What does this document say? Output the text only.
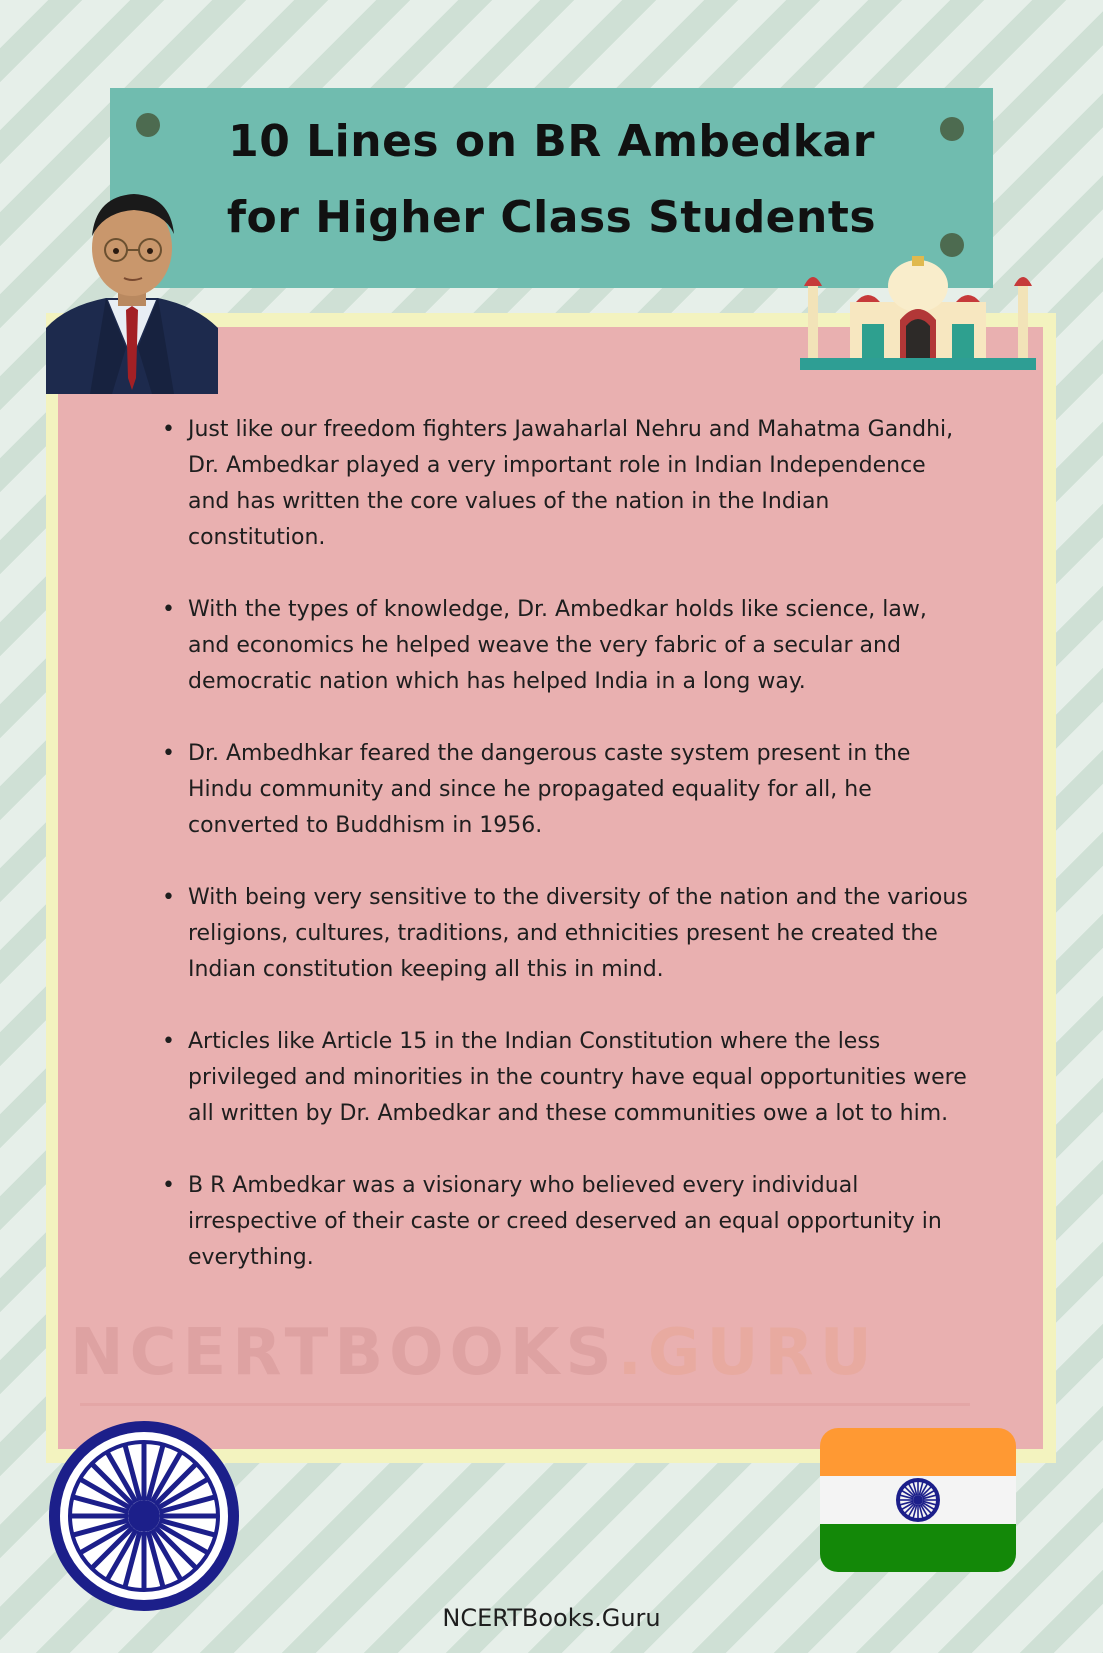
10 Lines on BR Ambedkar
for Higher Class Students
• Just like our freedom fighters Jawaharlal Nehru and Mahatma Gandhi, Dr. Ambedkar played a very important role in Indian Independence and has written the core values of the nation in the Indian constitution.
• With the types of knowledge, Dr. Ambedkar holds like science, law, and economics he helped weave the very fabric of a secular and democratic nation which has helped India in a long way.
• Dr. Ambedhkar feared the dangerous caste system present in the Hindu community and since he propagated equality for all, he converted to Buddhism in 1956.
• With being very sensitive to the diversity of the nation and the various religions, cultures, traditions, and ethnicities present he created the Indian constitution keeping all this in mind.
• Articles like Article 15 in the Indian Constitution where the less privileged and minorities in the country have equal opportunities were all written by Dr. Ambedkar and these communities owe a lot to him.
• B R Ambedkar was a visionary who believed every individual irrespective of their caste or creed deserved an equal opportunity in everything.

NCERTBOOKS.GURU

NCERTBooks.Guru
